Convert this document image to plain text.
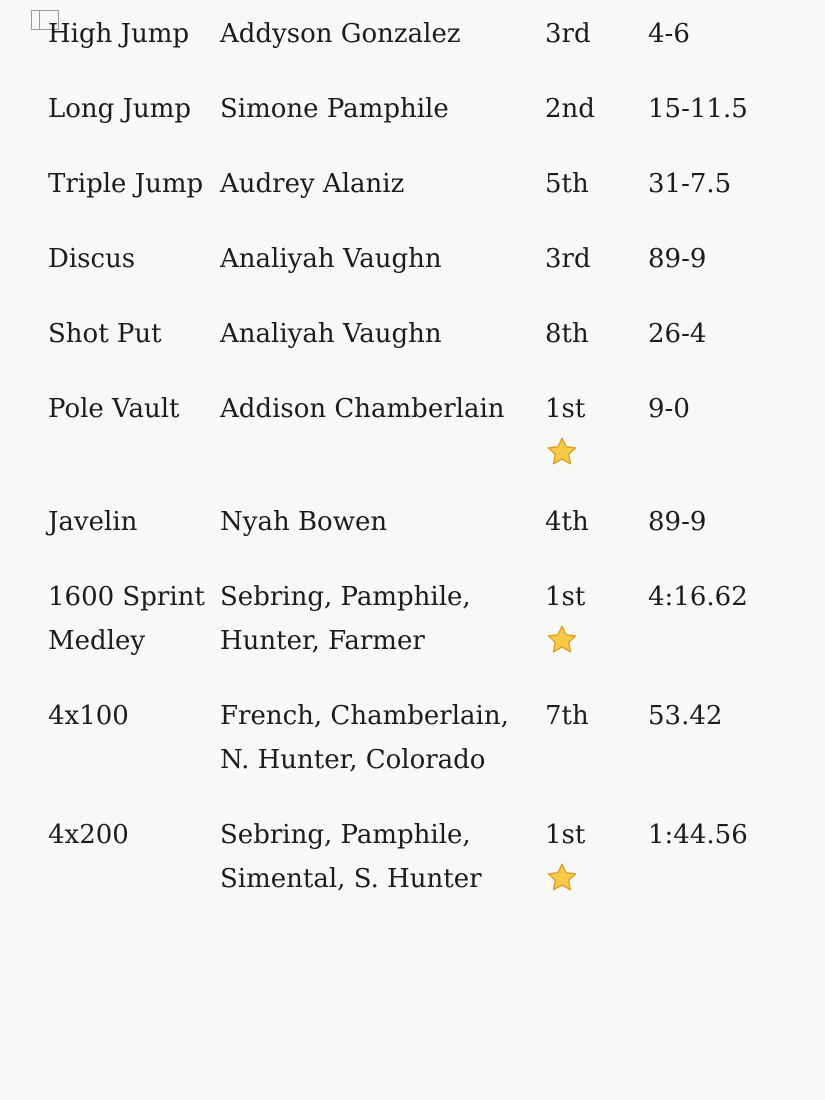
High Jump	Addyson Gonzalez	3rd	4-6
Long Jump	Simone Pamphile	2nd	15-11.5
Triple Jump	Audrey Alaniz	5th	31-7.5
Discus	Analiyah Vaughn	3rd	89-9
Shot Put	Analiyah Vaughn	8th	26-4
Pole Vault	Addison Chamberlain	1st	9-0
Javelin	Nyah Bowen	4th	89-9
1600 Sprint Medley	Sebring, Pamphile, Hunter, Farmer	1st	4:16.62
4x100	French, Chamberlain, N. Hunter, Colorado	7th	53.42
4x200	Sebring, Pamphile, Simental, S. Hunter	1st	1:44.56
